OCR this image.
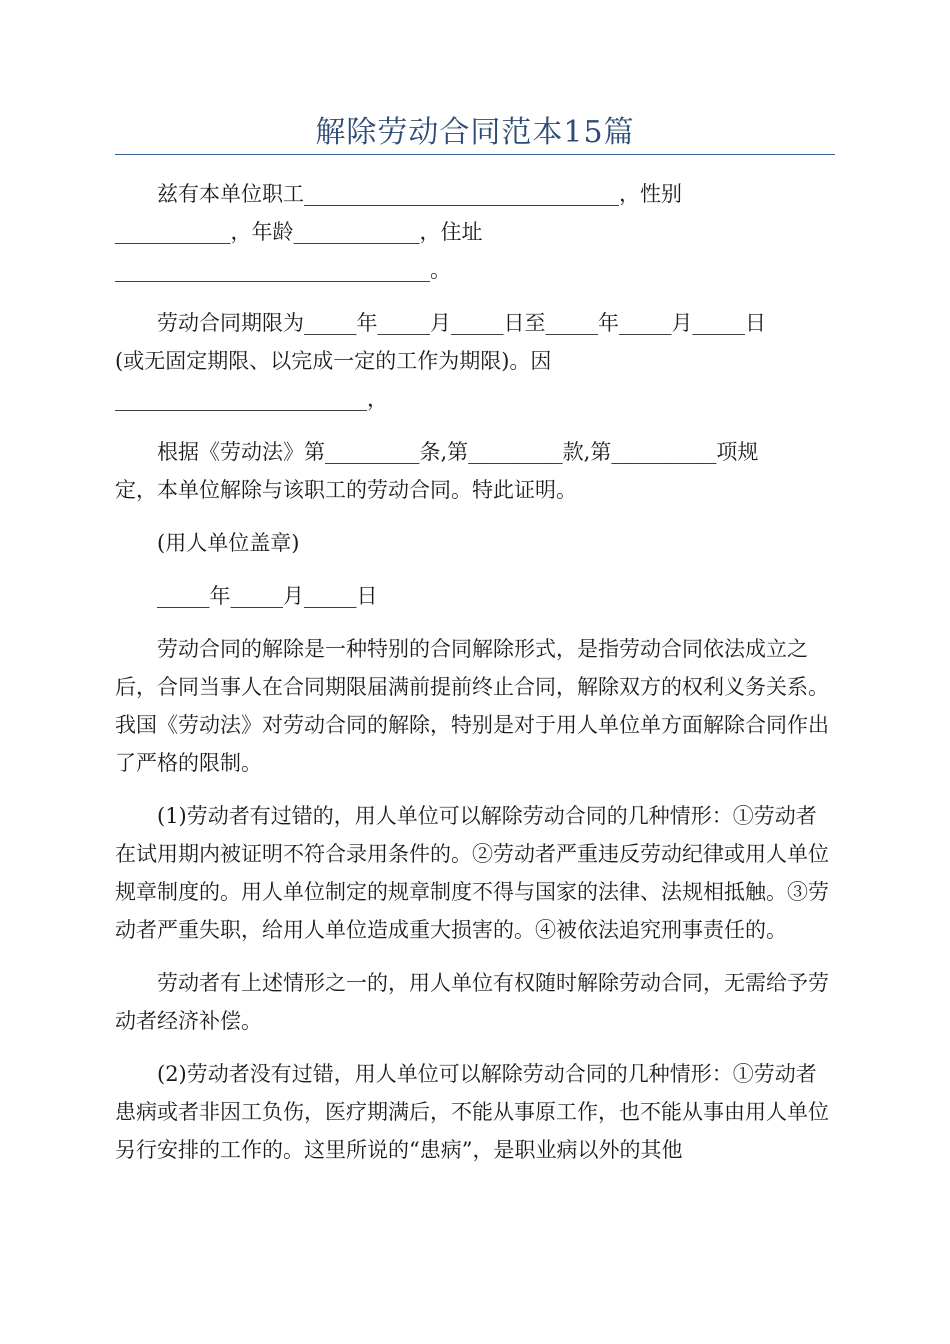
解除劳动合同范本15篇

兹有本单位职工______________________________，性别
___________，年龄____________，住址
______________________________。

劳动合同期限为_____年_____月_____日至_____年_____月_____日
(或无固定期限、以完成一定的工作为期限)。因
________________________，

根据《劳动法》第_________条,第_________款,第__________项规
定，本单位解除与该职工的劳动合同。特此证明。

(用人单位盖章)

_____年_____月_____日

劳动合同的解除是一种特别的合同解除形式，是指劳动合同依法成立之后，合同当事人在合同期限届满前提前终止合同，解除双方的权利义务关系。我国《劳动法》对劳动合同的解除，特别是对于用人单位单方面解除合同作出了严格的限制。

(1)劳动者有过错的，用人单位可以解除劳动合同的几种情形：①劳动者在试用期内被证明不符合录用条件的。②劳动者严重违反劳动纪律或用人单位规章制度的。用人单位制定的规章制度不得与国家的法律、法规相抵触。③劳动者严重失职，给用人单位造成重大损害的。④被依法追究刑事责任的。

劳动者有上述情形之一的，用人单位有权随时解除劳动合同，无需给予劳动者经济补偿。

(2)劳动者没有过错，用人单位可以解除劳动合同的几种情形：①劳动者患病或者非因工负伤，医疗期满后，不能从事原工作，也不能从事由用人单位另行安排的工作的。这里所说的“患病”，是职业病以外的其他
